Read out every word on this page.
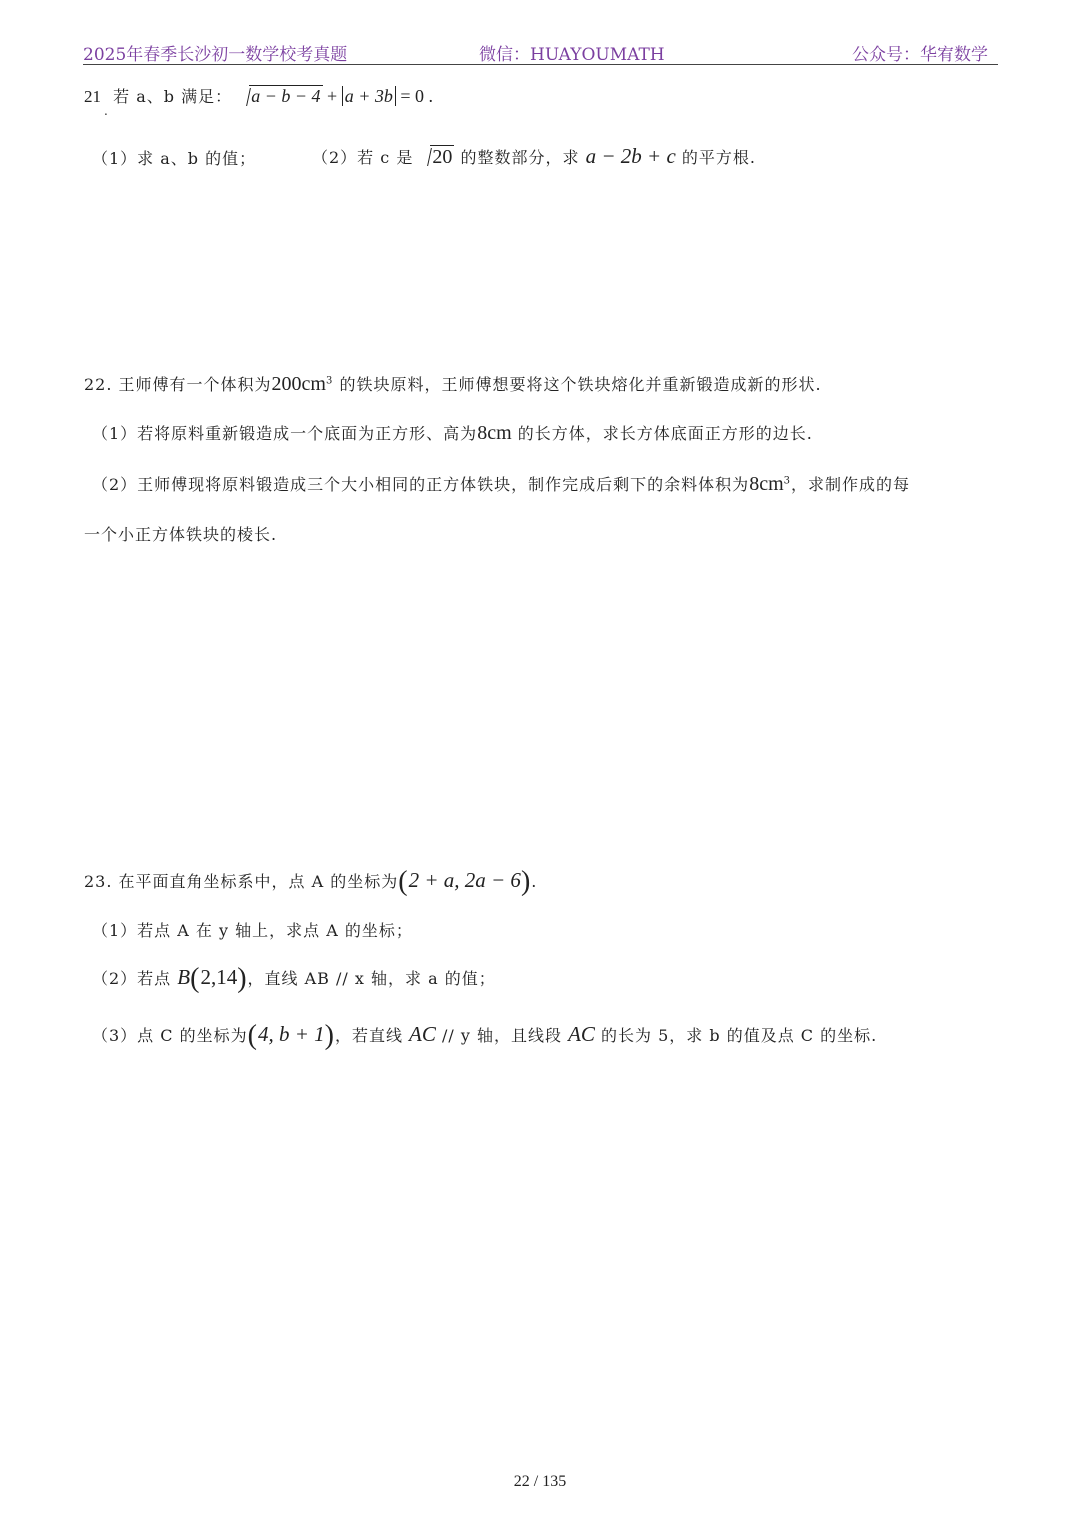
2025年春季长沙初一数学校考真题	微信：HUAYOUMATH	公众号：华宥数学
21 若 a、b 满足： a − b − 4 + a + 3b = 0 .
.
（1）求 a、b 的值；	（2）若 c 是 20 的整数部分，求 a − 2b + c 的平方根.
22. 王师傅有一个体积为$200cm^3$ 的铁块原料，王师傅想要将这个铁块熔化并重新锻造成新的形状.
（1）若将原料重新锻造成一个底面为正方形、高为8cm 的长方体，求长方体底面正方形的边长.
（2）王师傅现将原料锻造成三个大小相同的正方体铁块，制作完成后剩下的余料体积为$8cm^3$，求制作成的每
一个小正方体铁块的棱长.
23. 在平面直角坐标系中，点 A 的坐标为(2 + a, 2a − 6).
（1）若点 A 在 y 轴上，求点 A 的坐标；
（2）若点 B(2,14)，直线 AB // x 轴，求 a 的值；
（3）点 C 的坐标为(4, b + 1)，若直线 AC // y 轴，且线段 AC 的长为 5，求 b 的值及点 C 的坐标.
22 / 135
